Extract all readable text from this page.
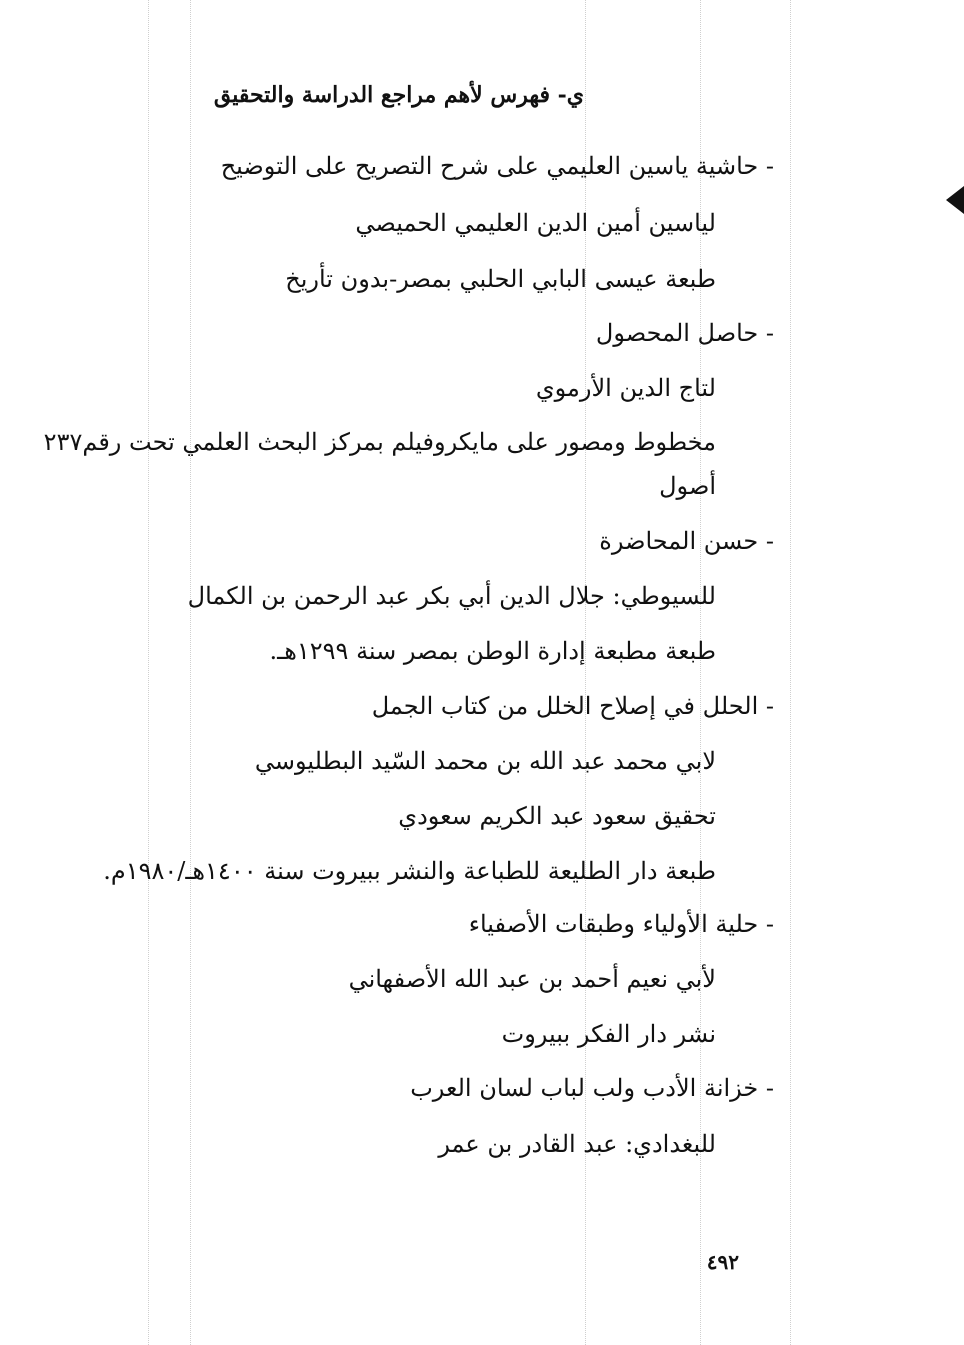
ي- فهرس لأهم مراجع الدراسة والتحقيق
- حاشية ياسين العليمي على شرح التصريح على التوضيح
لياسين أمين الدين العليمي الحميصي
طبعة عيسى البابي الحلبي بمصر-بدون تأريخ
- حاصل المحصول
لتاج الدين الأرموي
مخطوط ومصور على مايكروفيلم بمركز البحث العلمي تحت رقم٢٣٧
أصول
- حسن المحاضرة
للسيوطي: جلال الدين أبي بكر عبد الرحمن بن الكمال
طبعة مطبعة إدارة الوطن بمصر سنة ١٢٩٩هـ.
- الحلل في إصلاح الخلل من كتاب الجمل
لابي محمد عبد الله بن محمد السّيد البطليوسي
تحقيق سعود عبد الكريم سعودي
طبعة دار الطليعة للطباعة والنشر ببيروت سنة ١٤٠٠هـ/١٩٨٠م.
- حلية الأولياء وطبقات الأصفياء
لأبي نعيم أحمد بن عبد الله الأصفهاني
نشر دار الفكر ببيروت
- خزانة الأدب ولب لباب لسان العرب
للبغدادي: عبد القادر بن عمر
٤٩٢
